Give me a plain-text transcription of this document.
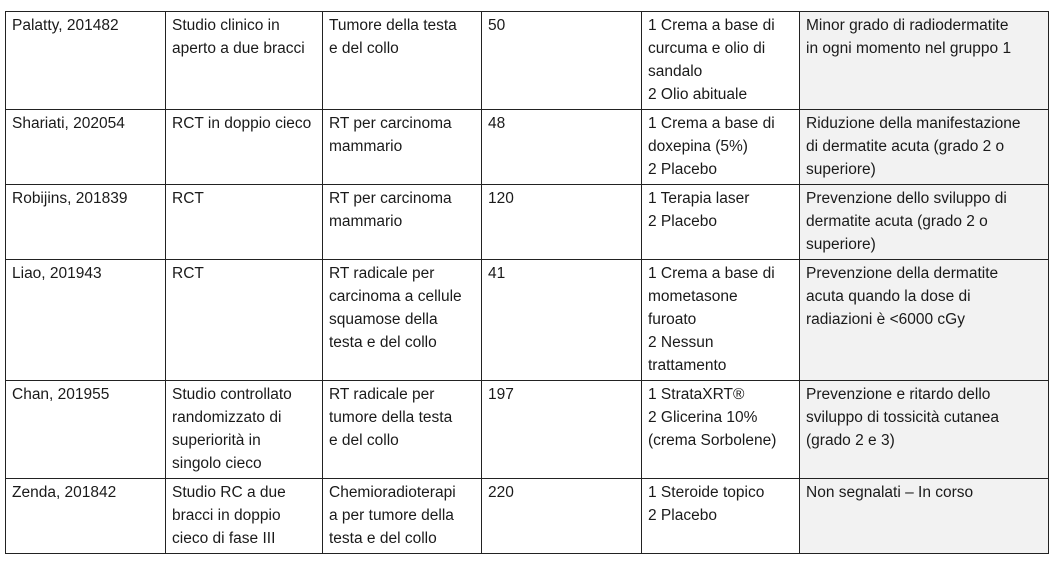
Palatty, 201482	Studio clinico in
aperto a due bracci	Tumore della testa
e del collo	50	1 Crema a base di
curcuma e olio di
sandalo
2 Olio abituale	Minor grado di radiodermatite
in ogni momento nel gruppo 1

Shariati, 202054	RCT in doppio cieco	RT per carcinoma
mammario	48	1 Crema a base di
doxepina (5%)
2 Placebo	Riduzione della manifestazione
di dermatite acuta (grado 2 o
superiore)

Robijins, 201839	RCT	RT per carcinoma
mammario	120	1 Terapia laser
2 Placebo	Prevenzione dello sviluppo di
dermatite acuta (grado 2 o
superiore)

Liao, 201943	RCT	RT radicale per
carcinoma a cellule
squamose della
testa e del collo	41	1 Crema a base di
mometasone
furoato
2 Nessun
trattamento	Prevenzione della dermatite
acuta quando la dose di
radiazioni è <6000 cGy

Chan, 201955	Studio controllato
randomizzato di
superiorità in
singolo cieco	RT radicale per
tumore della testa
e del collo	197	1 StrataXRT®
2 Glicerina 10%
(crema Sorbolene)	Prevenzione e ritardo dello
sviluppo di tossicità cutanea
(grado 2 e 3)

Zenda, 201842	Studio RC a due
bracci in doppio
cieco di fase III	Chemioradioterapi
a per tumore della
testa e del collo	220	1 Steroide topico
2 Placebo	Non segnalati – In corso
